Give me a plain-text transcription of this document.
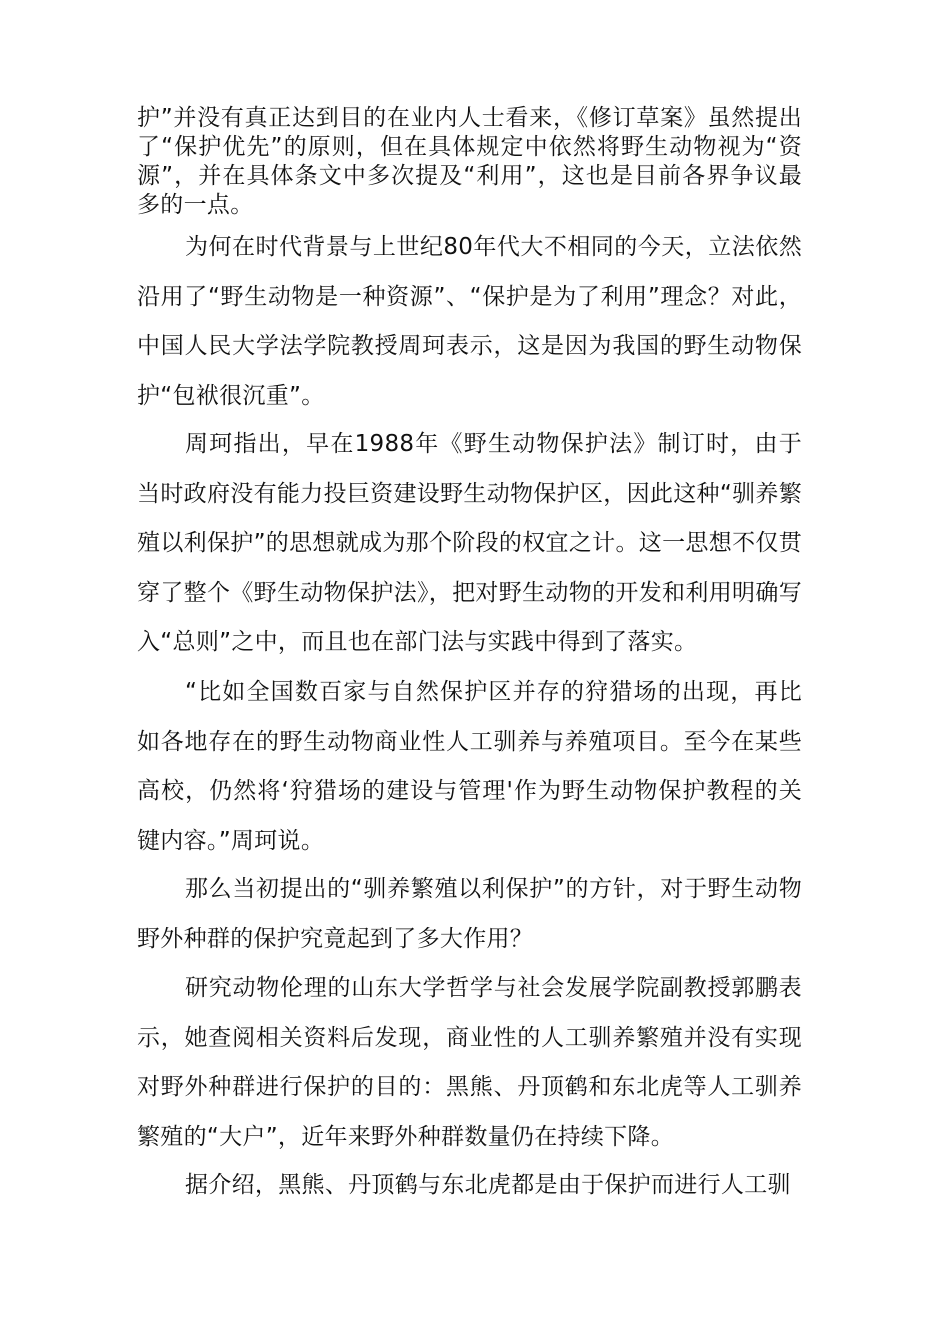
护”并没有真正达到目的在业内人士看来，《修订草案》虽然提出了“保护优先”的原则，但在具体规定中依然将野生动物视为“资源”，并在具体条文中多次提及“利用”，这也是目前各界争议最多的一点。

为何在时代背景与上世纪80年代大不相同的今天，立法依然沿用了“野生动物是一种资源”、“保护是为了利用”理念？对此，中国人民大学法学院教授周珂表示，这是因为我国的野生动物保护“包袱很沉重”。

周珂指出，早在1988年《野生动物保护法》制订时，由于当时政府没有能力投巨资建设野生动物保护区，因此这种“驯养繁殖以利保护”的思想就成为那个阶段的权宜之计。这一思想不仅贯穿了整个《野生动物保护法》，把对野生动物的开发和利用明确写入“总则”之中，而且也在部门法与实践中得到了落实。

“比如全国数百家与自然保护区并存的狩猎场的出现，再比如各地存在的野生动物商业性人工驯养与养殖项目。至今在某些高校，仍然将‘狩猎场的建设与管理'作为野生动物保护教程的关键内容。”周珂说。

那么当初提出的“驯养繁殖以利保护”的方针，对于野生动物野外种群的保护究竟起到了多大作用？

研究动物伦理的山东大学哲学与社会发展学院副教授郭鹏表示，她查阅相关资料后发现，商业性的人工驯养繁殖并没有实现对野外种群进行保护的目的：黑熊、丹顶鹤和东北虎等人工驯养繁殖的“大户”，近年来野外种群数量仍在持续下降。

据介绍，黑熊、丹顶鹤与东北虎都是由于保护而进行人工驯
